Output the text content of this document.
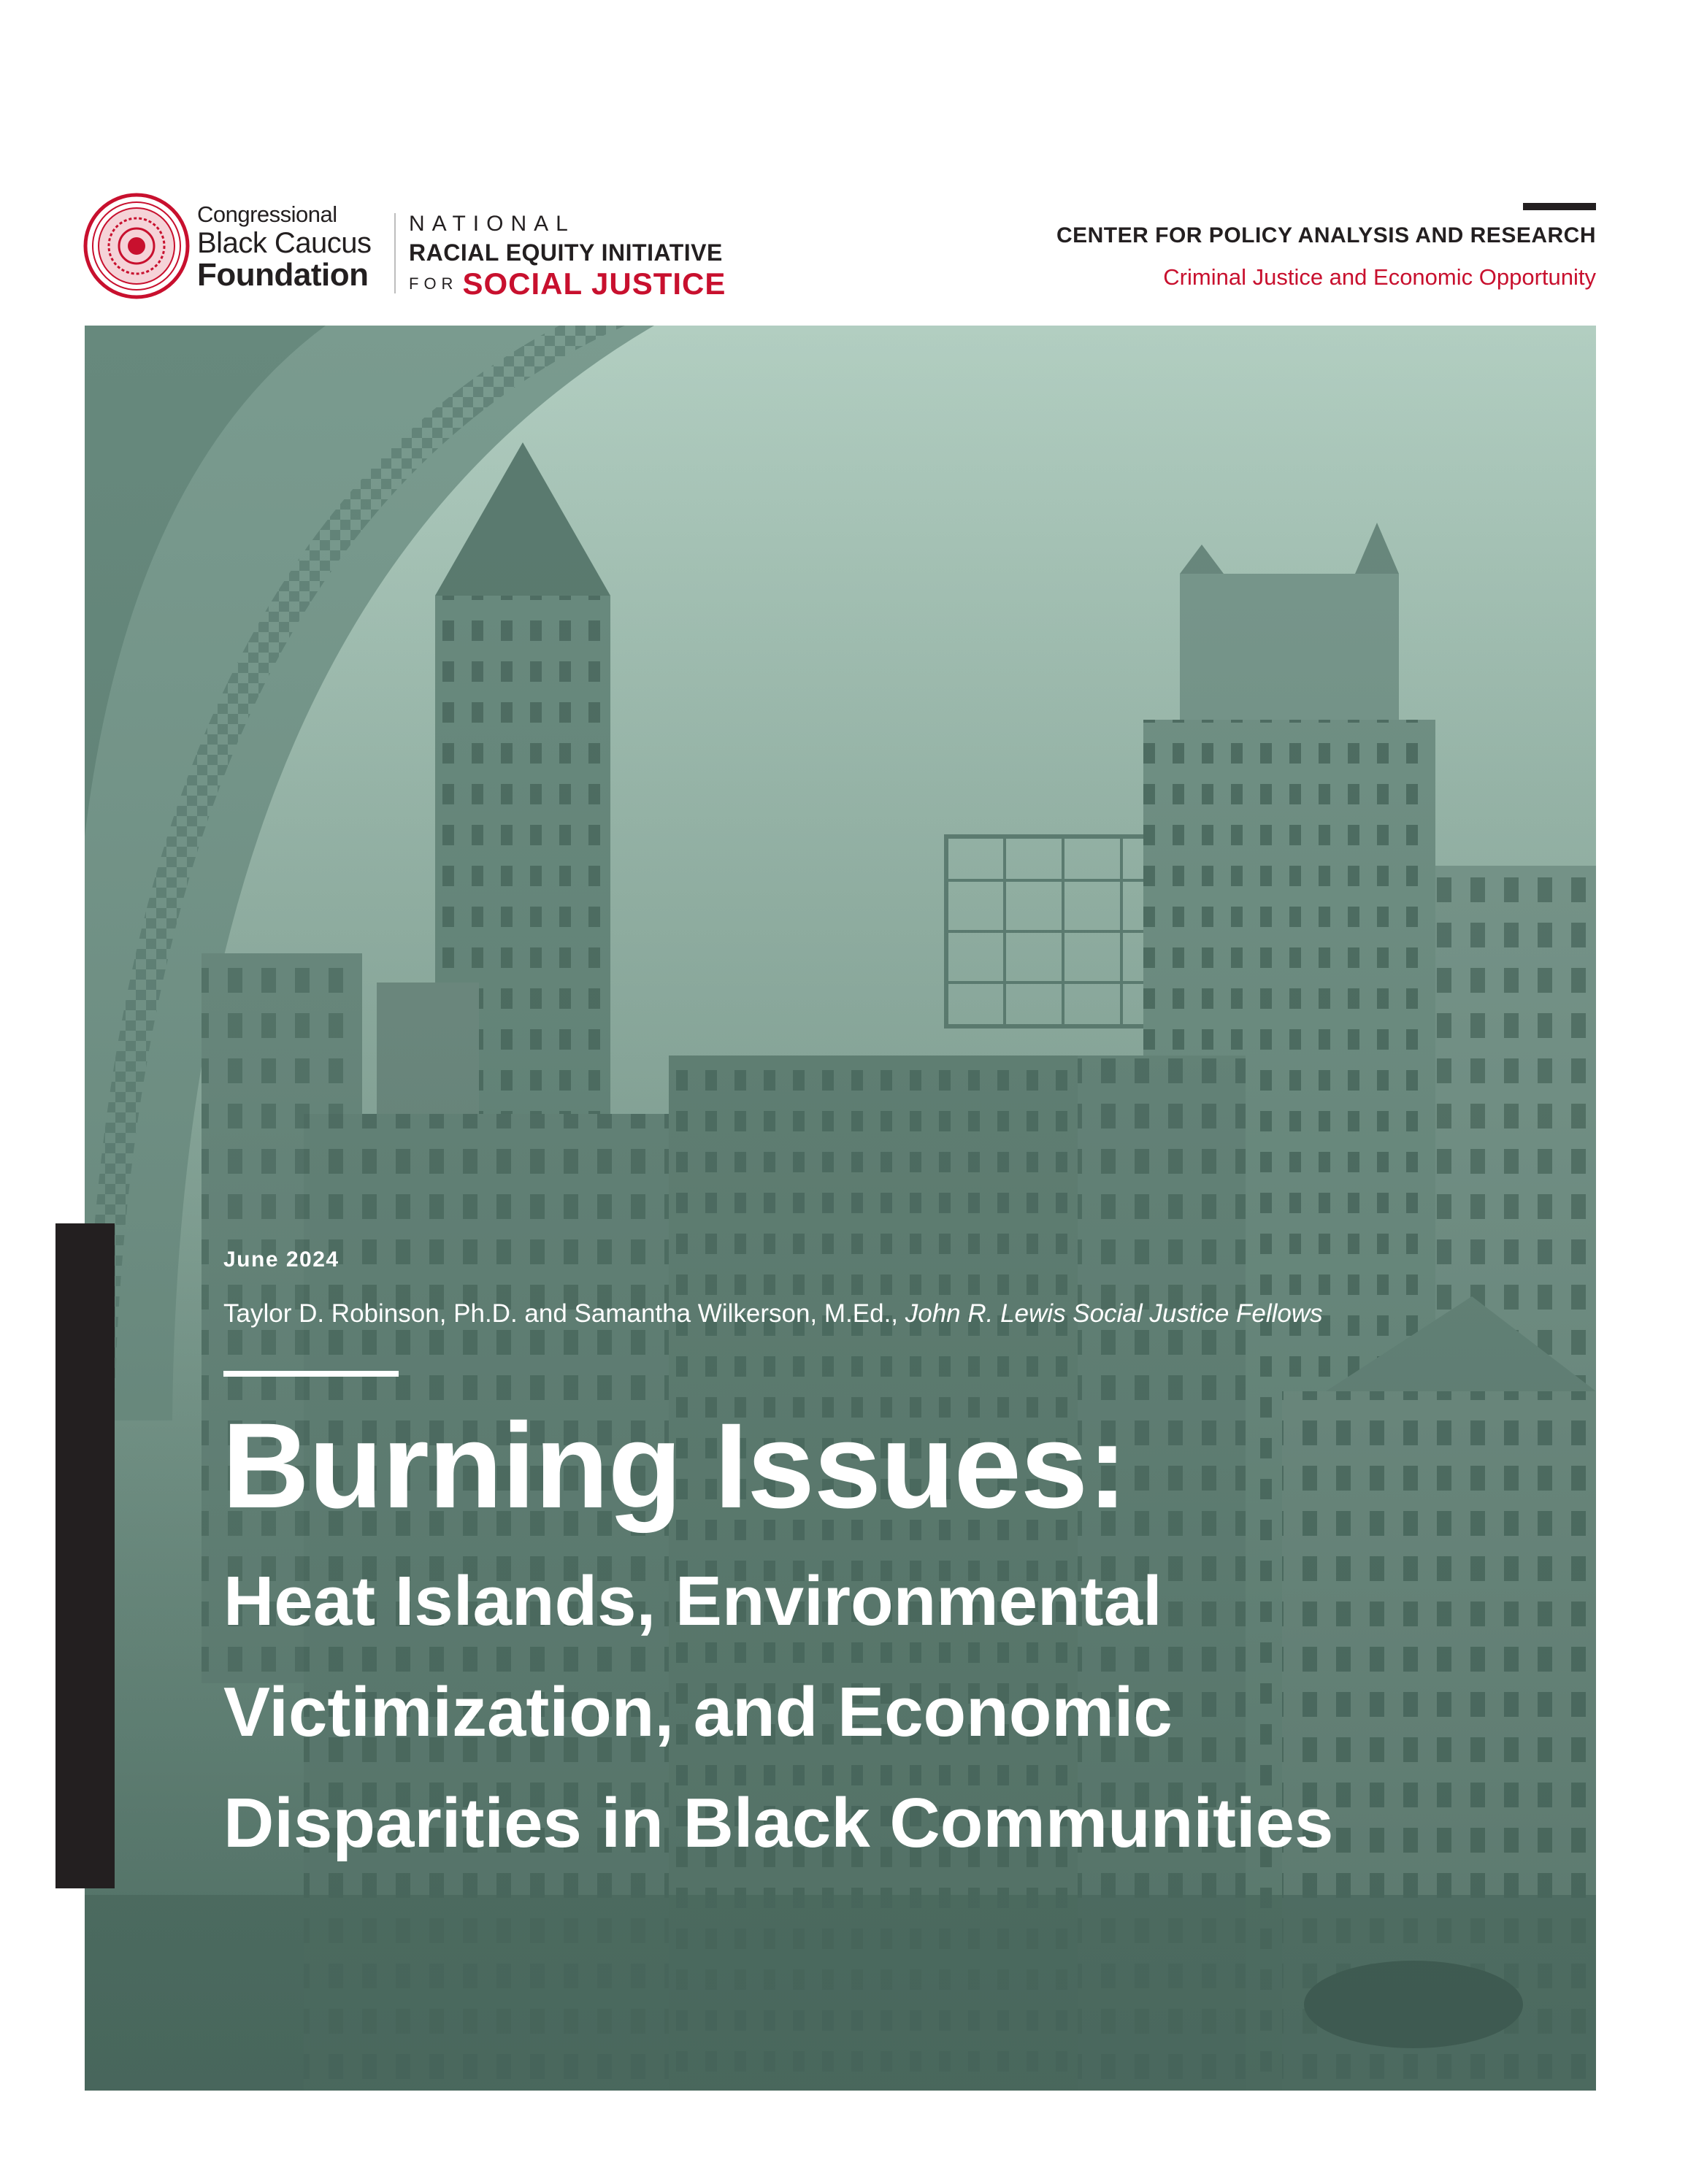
Congressional
Black Caucus
Foundation
NATIONAL
RACIAL EQUITY INITIATIVE
FOR SOCIAL JUSTICE
CENTER FOR POLICY ANALYSIS AND RESEARCH
Criminal Justice and Economic Opportunity
June 2024
Taylor D. Robinson, Ph.D. and Samantha Wilkerson, M.Ed., John R. Lewis Social Justice Fellows
Burning Issues:
Heat Islands, Environmental
Victimization, and Economic
Disparities in Black Communities
